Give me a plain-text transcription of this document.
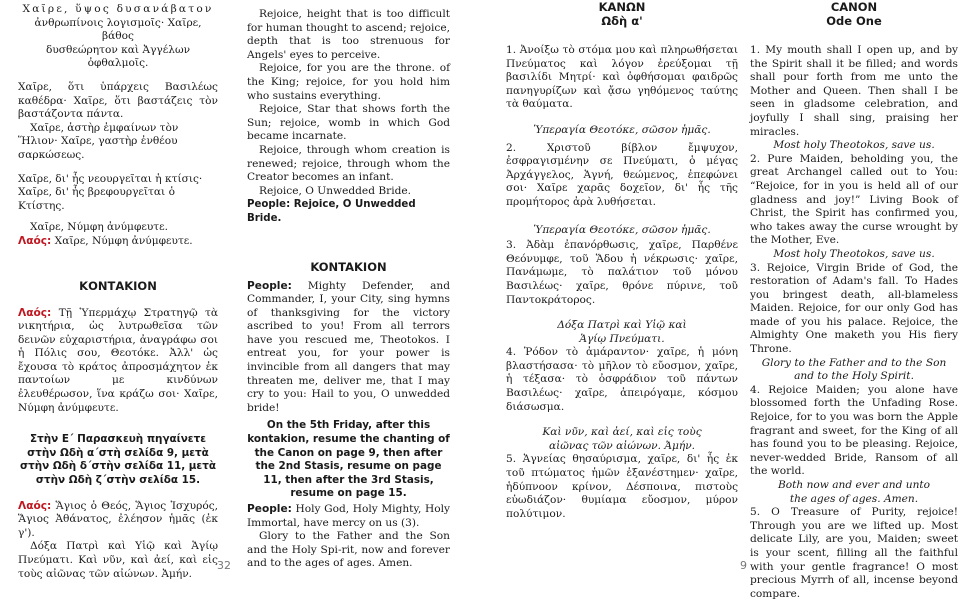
Χαῖρε, ὕψος δυσανάβατον

ἀνθρωπίνοις λογισμοῖς· Χαῖρε, βάθος

δυσθεώρητον καὶ Ἀγγέλων ὀφθαλμοῖς.

Χαῖρε, ὅτι ὑπάρχεις Βασιλέως καθέδρα· Χαῖρε, ὅτι βαστάζεις τὸν βαστάζοντα πάντα.

Χαῖρε, ἀστὴρ ἐμφαίνων τὸν Ἥλιον· Χαῖρε, γαστὴρ ἐνθέου σαρκώσεως.

Χαῖρε, δι' ἧς νεουργεῖται ἡ κτίσις· Χαῖρε, δι' ἧς βρεφουργεῖται ὁ Κτίστης.

Χαῖρε, Νύμφη ἀνύμφευτε.

Λαός: Χαῖρε, Νύμφη ἀνύμφευτε.

ΚΟΝΤΑΚΙΟΝ

Λαός: Τῇ Ὑπερμάχῳ Στρατηγῷ τὰ νικητήρια, ὡς λυτρωθεῖσα τῶν δεινῶν εὐχαριστήρια, ἀναγράφω σοι ἡ Πόλις σου, Θεοτόκε. Ἀλλ' ὡς ἔχουσα τὸ κράτος ἀπροσμάχητον ἐκ παντοίων με κινδύνων ἐλευθέρωσον, ἵνα κράζω σοι· Χαῖρε, Νύμφη ἀνύμφευτε.

Στὴν Ε΄ Παρασκευὴ πηγαίνετε στὴν Ωδὴ α΄στὴ σελίδα 9, μετὰ στὴν Ωδὴ δ΄στὴν σελίδα 11, μετὰ στὴν Ωδὴ ζ΄στὴν σελίδα 15.

Λαός: Ἅγιος ὁ Θεός, Ἅγιος Ἰσχυρός, Ἅγιος Ἀθάνατος, ἐλέησον ἡμᾶς (ἐκ γ').

Δόξα Πατρὶ καὶ Υἱῷ καὶ Ἁγίῳ Πνεύματι. Καὶ νῦν, καὶ ἀεί, καὶ εἰς τοὺς αἰῶνας τῶν αἰώνων. Ἀμήν.

Rejoice, height that is too difficult for human thought to ascend; rejoice, depth that is too strenuous for Angels' eyes to perceive.

Rejoice, for you are the throne. of the King; rejoice, for you hold him who sustains everything.

Rejoice, Star that shows forth the Sun; rejoice, womb in which God became incarnate.

Rejoice, through whom creation is renewed; rejoice, through whom the Creator becomes an infant.

Rejoice, O Unwedded Bride.

People: Rejoice, O Unwedded Bride.

KONTAKION

People: Mighty Defender, and Commander, I, your City, sing hymns of thanksgiving for the victory ascribed to you! From all terrors have you rescued me, Theotokos. I entreat you, for your power is invincible from all dangers that may threaten me, deliver me, that I may cry to you: Hail to you, O unwedded bride!

On the 5th Friday, after this kontakion, resume the chanting of the Canon on page 9, then after the 2nd Stasis, resume on page 11, then after the 3rd Stasis, resume on page 15.

People: Holy God, Holy Mighty, Holy Immortal, have mercy on us (3).

Glory to the Father and the Son and the Holy Spi-rit, now and forever and to the ages of ages. Amen.

ΚΑΝΩΝ

Ωδὴ α'

1. Ἀνοίξω τὸ στόμα μου καὶ πληρωθήσεται Πνεύματος καὶ λόγον ἐρεύξομαι τῇ βασιλίδι Μητρί· καὶ ὀφθήσομαι φαιδρῶς πανηγυρίζων καὶ ᾄσω γηθόμενος ταύτης τὰ θαύματα.

Ὑπεραγία Θεοτόκε, σῶσον ἡμᾶς.

2. Χριστοῦ βίβλον ἔμψυχον, ἐσφραγισμένην σε Πνεύματι, ὁ μέγας Ἀρχάγγελος, Ἁγνή, θεώμενος, ἐπεφώνει σοι· Χαῖρε χαρᾶς δοχεῖον, δι' ἧς τῆς προμήτορος ἀρὰ λυθήσεται.

Ὑπεραγία Θεοτόκε, σῶσον ἡμᾶς.

3. Ἀδὰμ ἐπανόρθωσις, χαῖρε, Παρθένε Θεόνυμφε, τοῦ Ἅδου ἡ νέκρωσις· χαῖρε, Πανάμωμε, τὸ παλάτιον τοῦ μόνου Βασιλέως· χαῖρε, θρόνε πύρινε, τοῦ Παντοκράτορος.

Δόξα Πατρὶ καὶ Υἱῷ καὶ

Ἁγίῳ Πνεύματι.

4. Ῥόδον τὸ ἀμάραντον· χαῖρε, ἡ μόνη βλαστήσασα· τὸ μῆλον τὸ εὔοσμον, χαῖρε, ἡ τέξασα· τὸ ὀσφράδιον τοῦ πάντων Βασιλέως· χαῖρε, ἀπειρόγαμε, κόσμου διάσωσμα.

Καὶ νῦν, καὶ ἀεί, καὶ εἰς τοὺς

αἰῶνας τῶν αἰώνων. Ἀμήν.

5. Ἁγνείας θησαύρισμα, χαῖρε, δι' ἧς ἐκ τοῦ πτώματος ἡμῶν ἐξανέστημεν· χαῖρε, ἡδύπνοον κρίνον, Δέσποινα, πιστοὺς εὐωδιάζον· θυμίαμα εὔοσμον, μύρον πολύτιμον.

CANON

Ode One

1. My mouth shall I open up, and by the Spirit shall it be filled; and words shall pour forth from me unto the Mother and Queen. Then shall I be seen in gladsome celebration, and joyfully I shall sing, praising her miracles.

Most holy Theotokos, save us.

2. Pure Maiden, beholding you, the great Archangel called out to You: “Rejoice, for in you is held all of our gladness and joy!” Living Book of Christ, the Spirit has confirmed you, who takes away the curse wrought by the Mother, Eve.

Most holy Theotokos, save us.

3. Rejoice, Virgin Bride of God, the restoration of Adam's fall. To Hades you bringest death, all-blameless Maiden. Rejoice, for our only God has made of you his palace. Rejoice, the Almighty One maketh you His fiery Throne.

Glory to the Father and to the Son

and to the Holy Spirit.

4. Rejoice Maiden; you alone have blossomed forth the Unfading Rose. Rejoice, for to you was born the Apple fragrant and sweet, for the King of all has found you to be pleasing. Rejoice, never-wedded Bride, Ransom of all the world.

Both now and ever and unto

the ages of ages. Amen.

5. O Treasure of Purity, rejoice! Through you are we lifted up. Most delicate Lily, are you, Maiden; sweet is your scent, filling all the faithful with your gentle fragrance! O most precious Myrrh of all, incense beyond compare.

32	9
